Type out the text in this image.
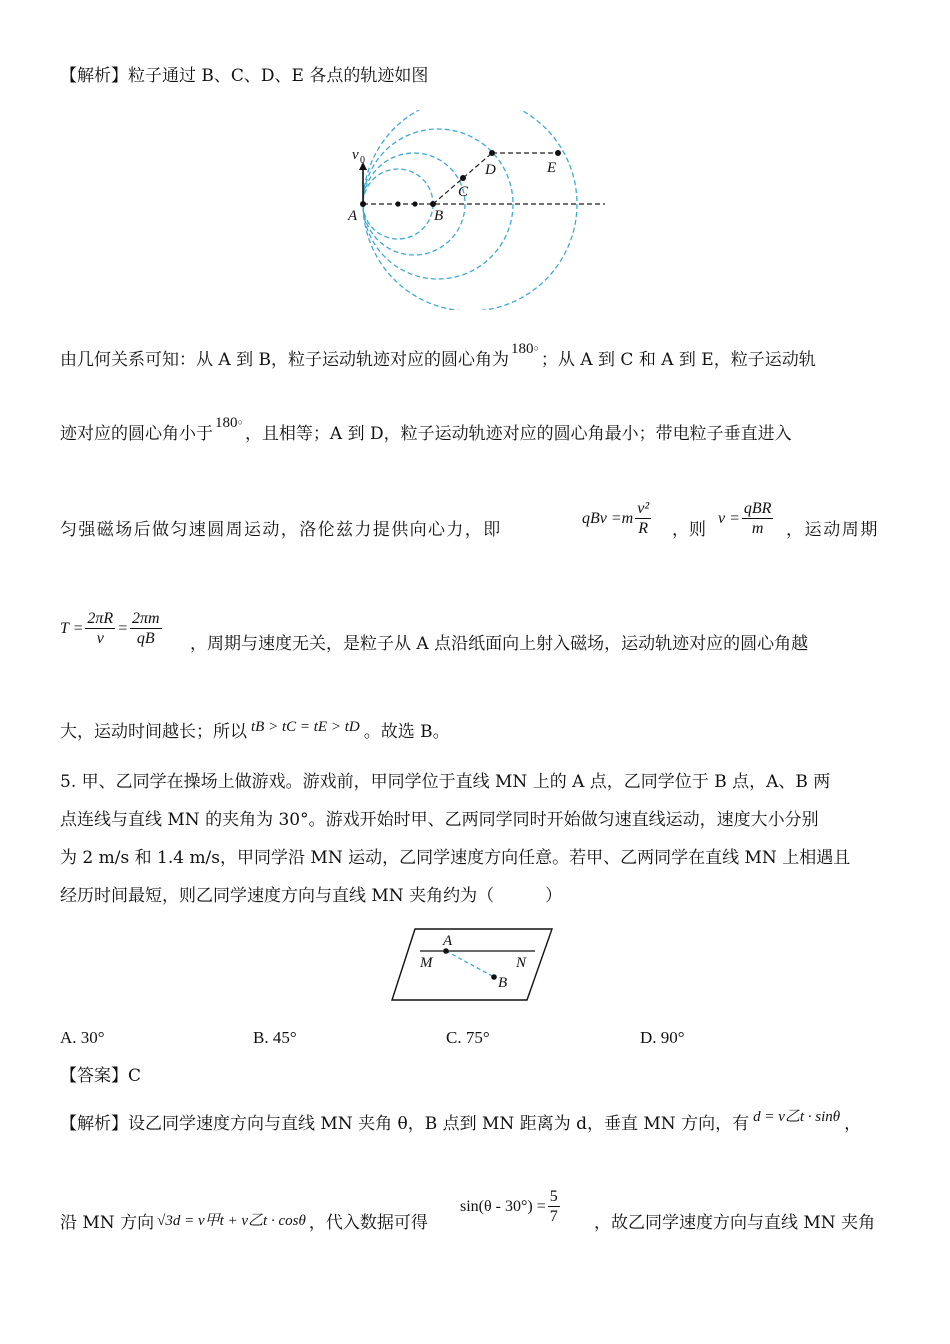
【解析】粒子通过 B、C、D、E 各点的轨迹如图
v 0
A	B
C
D	E
由几何关系可知：从 A 到 B，粒子运动轨迹对应的圆心角为180○；从 A 到 C 和 A 到 E，粒子运动轨
迹对应的圆心角小于180○，且相等；A 到 D，粒子运动轨迹对应的圆心角最小；带电粒子垂直进入
匀强磁场后做匀速圆周运动，洛伦兹力提供向心力，即
qBv $=m \frac{\text{v²}}{R}$ ，则
$v = \frac{\text{qBR}}{m}$ ，运动周期
$T = \frac{2\pi R}{v} = \frac{2\pi m}{qB}$ ，周期与速度无关，是粒子从 A 点沿纸面向上射入磁场，运动轨迹对应的圆心角越
大，运动时间越长；所以 tB > tC = tE > tD 。故选 B。
5. 甲、乙同学在操场上做游戏。游戏前，甲同学位于直线 MN 上的 A 点，乙同学位于 B 点，A、B 两
点连线与直线 MN 的夹角为 30°。游戏开始时甲、乙两同学同时开始做匀速直线运动，速度大小分别
为 2 m/s 和 1.4 m/s，甲同学沿 MN 运动，乙同学速度方向任意。若甲、乙两同学在直线 MN 上相遇且
经历时间最短，则乙同学速度方向与直线 MN 夹角约为（　　　）
A
M	N
B
A. 30°	B. 45°	C. 75°	D. 90°
【答案】C
【解析】设乙同学速度方向与直线 MN 夹角 θ，B 点到 MN 距离为 d，垂直 MN 方向，有 d = v乙t · sinθ ，
沿 MN 方向 √3d = v甲t + v乙t · cosθ ，代入数据可得
$\sin(\theta - 30^\circ) = \frac{5}{7}$ ，故乙同学速度方向与直线 MN 夹角
